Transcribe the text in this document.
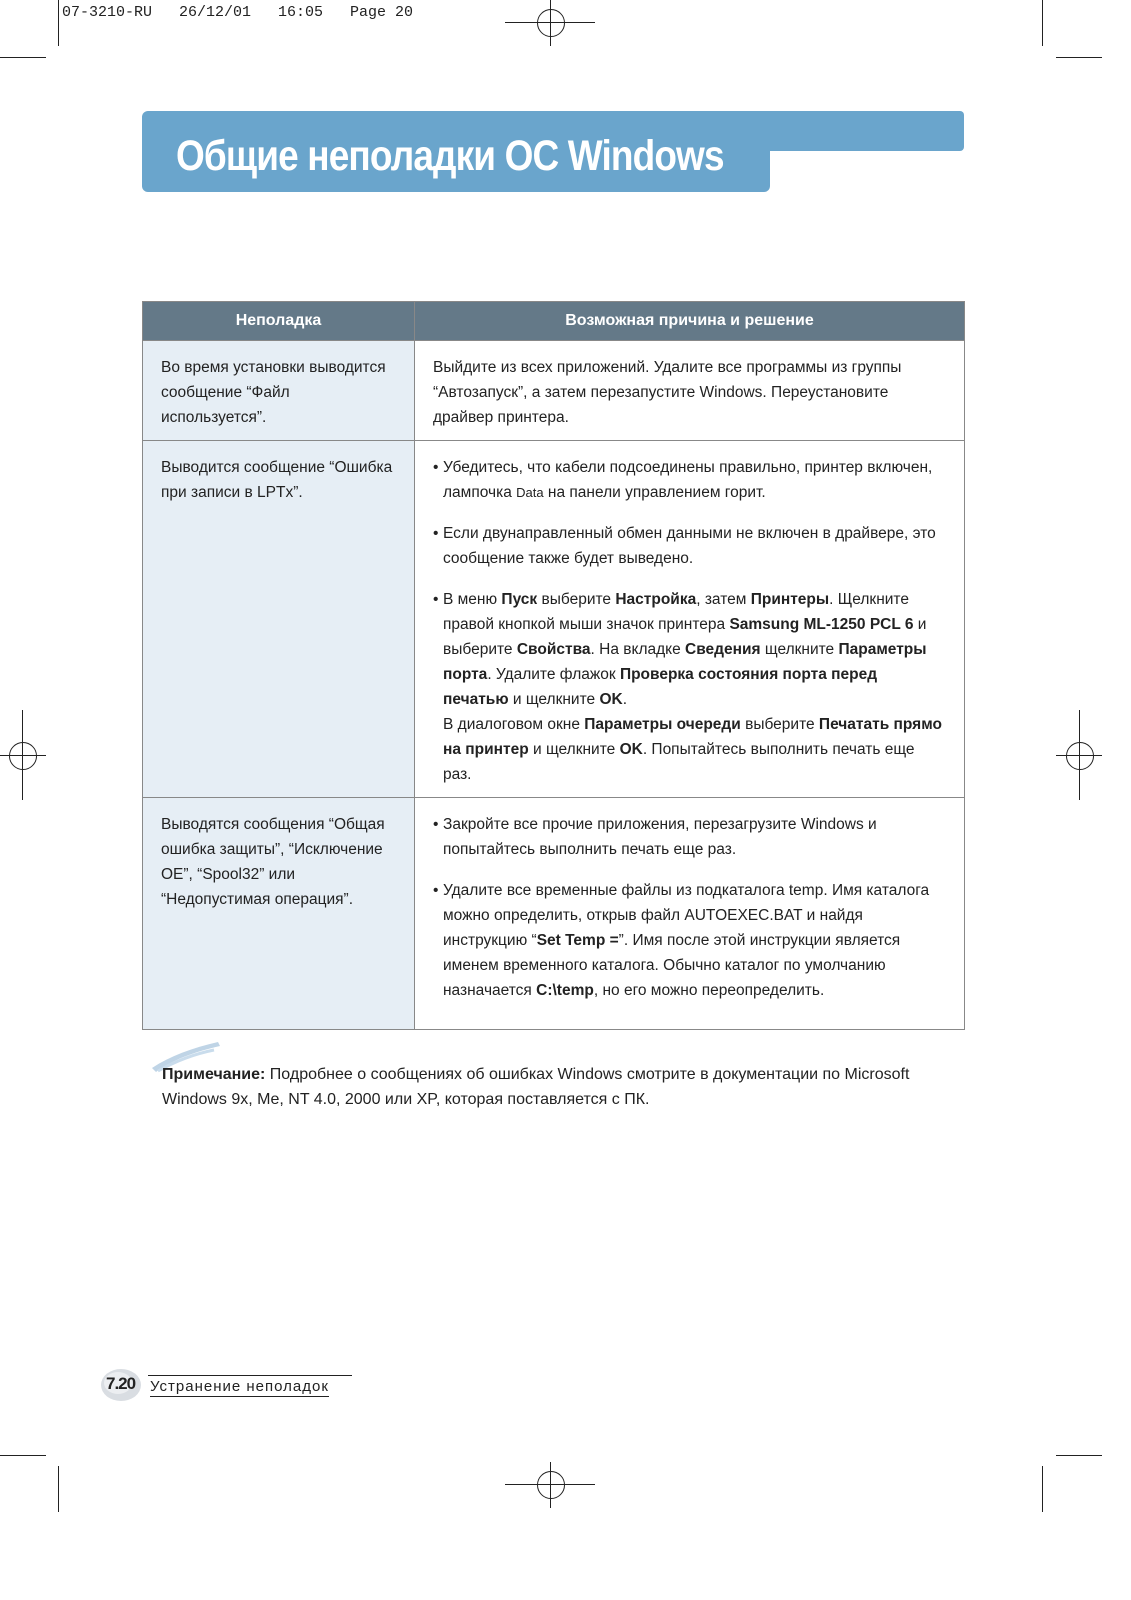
07-3210-RU   26/12/01   16:05   Page 20
Общие неполадки ОС Windows
Неполадка	Возможная причина и решение
Во время установки выводится сообщение “Файл используется”.	Выйдите из всех приложений. Удалите все программы из группы “Автозапуск”, а затем перезапустите Windows. Переустановите драйвер принтера.
Выводится сообщение “Ошибка при записи в LPTx”.	• Убедитесь, что кабели подсоединены правильно, принтер включен, лампочка Data на панели управлением горит.

• Если двунаправленный обмен данными не включен в драйвере, это сообщение также будет выведено.

• В меню Пуск выберите Настройка, затем Принтеры. Щелкните правой кнопкой мыши значок принтера Samsung ML-1250 PCL 6 и выберите Свойства. На вкладке Сведения щелкните Параметры порта. Удалите флажок Проверка состояния порта перед печатью и щелкните OK.
В диалоговом окне Параметры очереди выберите Печатать прямо на принтер и щелкните OK. Попытайтесь выполнить печать еще раз.

Выводятся сообщения “Общая ошибка защиты”, “Исключение OE”, “Spool32” или “Недопустимая операция”.	• Закройте все прочие приложения, перезагрузите Windows и попытайтесь выполнить печать еще раз.

• Удалите все временные файлы из подкаталога temp. Имя каталога можно определить, открыв файл AUTOEXEC.BAT и найдя инструкцию “Set Temp =”. Имя после этой инструкции является именем временного каталога. Обычно каталог по умолчанию назначается C:\temp, но его можно переопределить.

Примечание: Подробнее о сообщениях об ошибках Windows смотрите в документации по Microsoft Windows 9x, Me, NT 4.0, 2000 или XP, которая поставляется с ПК.
7.20 Устранение неполадок
